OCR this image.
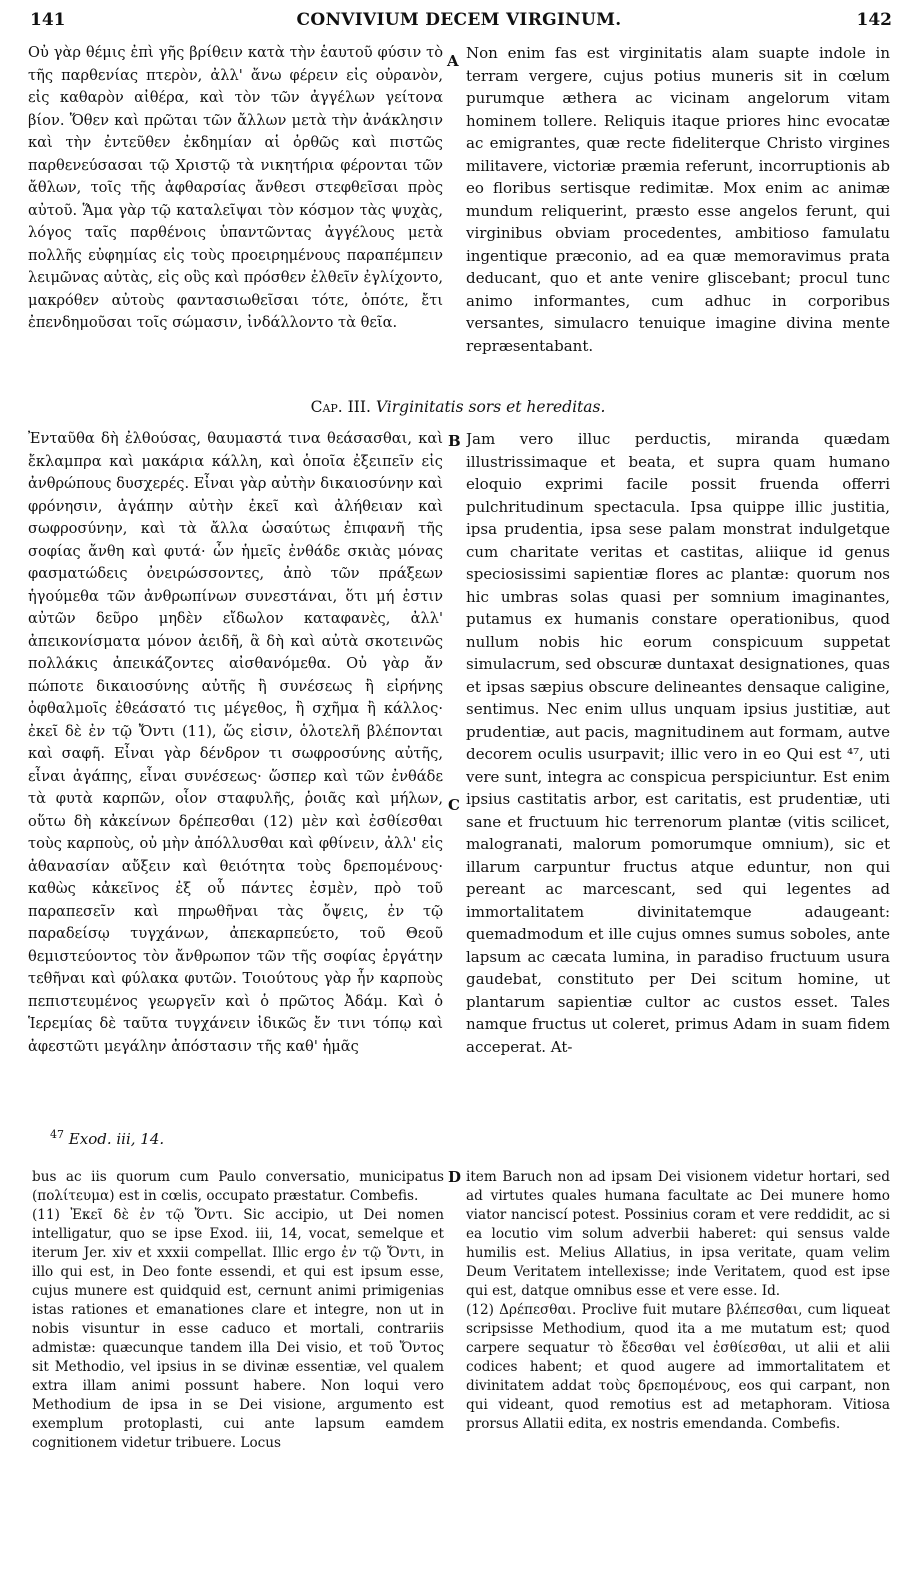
141	CONVIVIUM DECEM VIRGINUM.	142

Οὐ γὰρ θέμις ἐπὶ γῆς βρίθειν κατὰ τὴν ἑαυτοῦ φύσιν τὸ τῆς παρθενίας πτερὸν, ἀλλ' ἄνω φέρειν εἰς οὐρανὸν, εἰς καθαρὸν αἰθέρα, καὶ τὸν τῶν ἀγγέλων γείτονα βίον. Ὅθεν καὶ πρῶται τῶν ἄλλων μετὰ τὴν ἀνάκλησιν καὶ τὴν ἐντεῦθεν ἐκδημίαν αἱ ὀρθῶς καὶ πιστῶς παρθενεύσασαι τῷ Χριστῷ τὰ νικητήρια φέρονται τῶν ἄθλων, τοῖς τῆς ἀφθαρσίας ἄνθεσι στεφθεῖσαι πρὸς αὐτοῦ. Ἅμα γὰρ τῷ καταλεῖψαι τὸν κόσμον τὰς ψυχὰς, λόγος ταῖς παρθένοις ὑπαντῶντας ἀγγέλους μετὰ πολλῆς εὐφημίας εἰς τοὺς προειρημένους παραπέμπειν λειμῶνας αὐτὰς, εἰς οὓς καὶ πρόσθεν ἐλθεῖν ἐγλίχοντο, μακρόθεν αὐτοὺς φαντασιωθεῖσαι τότε, ὁπότε, ἔτι ἐπενδημοῦσαι τοῖς σώμασιν, ἰνδάλλοντο τὰ θεῖα.

A Non enim fas est virginitatis alam suapte indole in terram vergere, cujus potius muneris sit in cœlum purumque æthera ac vicinam angelorum vitam hominem tollere. Reliquis itaque priores hinc evocatæ ac emigrantes, quæ recte fideliterque Christo virgines militavere, victoriæ præmia referunt, incorruptionis ab eo floribus sertisque redimitæ. Mox enim ac animæ mundum reliquerint, præsto esse angelos ferunt, qui virginibus obviam procedentes, ambitioso famulatu ingentique præconio, ad ea quæ memoravimus prata deducant, quo et ante venire gliscebant; procul tunc animo informantes, cum adhuc in corporibus versantes, simulacro tenuique imagine divina mente repræsentabant.

Cap. III. Virginitatis sors et hereditas.

Ἐνταῦθα δὴ ἐλθούσας, θαυμαστά τινα θεάσασθαι, καὶ ἔκλαμπρα καὶ μακάρια κάλλη, καὶ ὁποῖα ἐξειπεῖν εἰς ἀνθρώπους δυσχερές. Εἶναι γὰρ αὐτὴν δικαιοσύνην καὶ φρόνησιν, ἀγάπην αὐτὴν ἐκεῖ καὶ ἀλήθειαν καὶ σωφροσύνην, καὶ τὰ ἄλλα ὡσαύτως ἐπιφανῆ τῆς σοφίας ἄνθη καὶ φυτά· ὧν ἡμεῖς ἐνθάδε σκιὰς μόνας φασματώδεις ὀνειρώσσοντες, ἀπὸ τῶν πράξεων ἡγούμεθα τῶν ἀνθρωπίνων συνεστάναι, ὅτι μή ἐστιν αὐτῶν δεῦρο μηδὲν εἴδωλον καταφανὲς, ἀλλ' ἀπεικονίσματα μόνον ἀειδῆ, ἃ δὴ καὶ αὐτὰ σκοτεινῶς πολλάκις ἀπεικάζοντες αἰσθανόμεθα. Οὐ γὰρ ἄν πώποτε δικαιοσύνης αὐτῆς ἢ συνέσεως ἢ εἰρήνης ὀφθαλμοῖς ἐθεάσατό τις μέγεθος, ἢ σχῆμα ἢ κάλλος· ἐκεῖ δὲ ἐν τῷ Ὄντι (11), ὥς εἰσιν, ὁλοτελῆ βλέπονται καὶ σαφῆ. Εἶναι γὰρ δένδρον τι σωφροσύνης αὐτῆς, εἶναι ἀγάπης, εἶναι συνέσεως· ὥσπερ καὶ τῶν ἐνθάδε τὰ φυτὰ καρπῶν, οἷον σταφυλῆς, ῥοιᾶς καὶ μήλων, οὕτω δὴ κἀκείνων δρέπεσθαι (12) μὲν καὶ ἐσθίεσθαι τοὺς καρποὺς, οὐ μὴν ἀπόλλυσθαι καὶ φθίνειν, ἀλλ' εἰς ἀθανασίαν αὔξειν καὶ θειότητα τοὺς δρεπομένους· καθὼς κἀκεῖνος ἐξ οὗ πάντες ἐσμὲν, πρὸ τοῦ παραπεσεῖν καὶ πηρωθῆναι τὰς ὄψεις, ἐν τῷ παραδείσῳ τυγχάνων, ἀπεκαρπεύετο, τοῦ Θεοῦ θεμιστεύοντος τὸν ἄνθρωπον τῶν τῆς σοφίας ἐργάτην τεθῆναι καὶ φύλακα φυτῶν. Τοιούτους γὰρ ἦν καρποὺς πεπιστευμένος γεωργεῖν καὶ ὁ πρῶτος Ἀδάμ. Καὶ ὁ Ἱερεμίας δὲ ταῦτα τυγχάνειν ἰδικῶς ἔν τινι τόπῳ καὶ ἀφεστῶτι μεγάλην ἀπόστασιν τῆς καθ' ἡμᾶς

B
C

Jam vero illuc perductis, miranda quædam illustrissimaque et beata, et supra quam humano eloquio exprimi facile possit fruenda offerri pulchritudinum spectacula. Ipsa quippe illic justitia, ipsa prudentia, ipsa sese palam monstrat indulgetque cum charitate veritas et castitas, aliique id genus speciosissimi sapientiæ flores ac plantæ: quorum nos hic umbras solas quasi per somnium imaginantes, putamus ex humanis constare operationibus, quod nullum nobis hic eorum conspicuum suppetat simulacrum, sed obscuræ duntaxat designationes, quas et ipsas sæpius obscure delineantes densaque caligine, sentimus. Nec enim ullus unquam ipsius justitiæ, aut prudentiæ, aut pacis, magnitudinem aut formam, autve decorem oculis usurpavit; illic vero in eo Qui est ⁴⁷, uti vere sunt, integra ac conspicua perspiciuntur. Est enim ipsius castitatis arbor, est caritatis, est prudentiæ, uti sane et fructuum hic terrenorum plantæ (vitis scilicet, malogranati, malorum pomorumque omnium), sic et illarum carpuntur fructus atque eduntur, non qui pereant ac marcescant, sed qui legentes ad immortalitatem divinitatemque adaugeant: quemadmodum et ille cujus omnes sumus soboles, ante lapsum ac cæcata lumina, in paradiso fructuum usura gaudebat, constituto per Dei scitum homine, ut plantarum sapientiæ cultor ac custos esset. Tales namque fructus ut coleret, primus Adam in suam fidem acceperat. At-

$^{47}$ Exod. iii, 14.

bus ac iis quorum cum Paulo conversatio, municipatus (πολίτευμα) est in cœlis, occupato præstatur. Combefis.

(11) Ἐκεῖ δὲ ἐν τῷ Ὄντι. Sic accipio, ut Dei nomen intelligatur, quo se ipse Exod. iii, 14, vocat, semelque et iterum Jer. xiv et xxxii compellat. Illic ergo ἐν τῷ Ὄντι, in illo qui est, in Deo fonte essendi, et qui est ipsum esse, cujus munere est quidquid est, cernunt animi primigenias istas rationes et emanationes clare et integre, non ut in nobis visuntur in esse caduco et mortali, contrariis admistæ: quæcunque tandem illa Dei visio, et τοῦ Ὄντος sit Methodio, vel ipsius in se divinæ essentiæ, vel qualem extra illam animi possunt habere. Non loqui vero Methodium de ipsa in se Dei visione, argumento est exemplum protoplasti, cui ante lapsum eamdem cognitionem videtur tribuere. Locus

D item Baruch non ad ipsam Dei visionem videtur hortari, sed ad virtutes quales humana facultate ac Dei munere homo viator nanciscí potest. Possinius coram et vere reddidit, ac si ea locutio vim solum adverbii haberet: qui sensus valde humilis est. Melius Allatius, in ipsa veritate, quam velim Deum Veritatem intellexisse; inde Veritatem, quod est ipse qui est, datque omnibus esse et vere esse. Id.

(12) Δρέπεσθαι. Proclive fuit mutare βλέπεσθαι, cum liqueat scripsisse Methodium, quod ita a me mutatum est; quod carpere sequatur τὸ ἔδεσθαι vel ἐσθίεσθαι, ut alii et alii codices habent; et quod augere ad immortalitatem et divinitatem addat τοὺς δρεπομένους, eos qui carpant, non qui videant, quod remotius est ad metaphoram. Vitiosa prorsus Allatii edita, ex nostris emendanda. Combefis.
